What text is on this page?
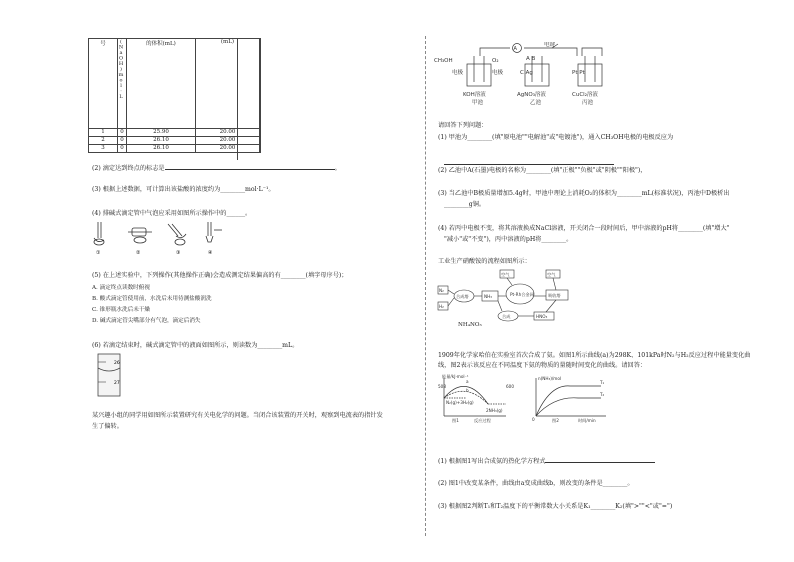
号	(NaOH)mol·L	的体积(mL)	(mL)	
1	0	25.90	20.00	
2	0	26.10	20.00	
3	0	26.10	20.00	
(2) 滴定达到终点的标志是	。
(3) 根据上述数据，可计算出该盐酸的浓度约为________mol·L⁻¹。
(4) 排碱式滴定管中气泡应采用如图所示操作中的______。
①	②	③	④
(5) 在上述实验中，下列操作(其他操作正确)会造成测定结果偏高的有________(填字母序号)；
A. 滴定终点读数时俯视
B. 酸式滴定管使用前，水洗后未用待测盐酸润洗
C. 锥形瓶水洗后未干燥
D. 碱式滴定管尖嘴部分有气泡，滴定后消失
(6) 若滴定结束时，碱式滴定管中的液面如图所示，则读数为________mL。
26
27
某兴趣小组的同学用如图所示装置研究有关电化学的问题。当闭合该装置的开关时，观察到电流表的指针发
生了偏转。
A
电键
CH₃OH	O₂
电极	电极
A B
C Ag	Pt Pt
KOH溶液	AgNO₃溶液	CuCl₂溶液
甲池	乙池	丙池
请回答下列问题：
(1) 甲池为________(填"原电池""电解池"或"电镀池")，通入CH₃OH电极的电极反应为
(2) 乙池中A(石墨)电极的名称为________(填"正极""负极"或"阴极""阳极")，
(3) 当乙池中B极质量增加5.4g时，甲池中理论上消耗O₂的体积为________mL(标准状况)，丙池中D极析出
________g铜。
(4) 若丙中电极不变，将其溶液换成NaCl溶液，开关闭合一段时间后，甲中溶液的pH将________(填"增大"
"减小"或"不变")，丙中溶液的pH将________。
工业生产硝酸铵的流程如图所示：
N₂
H₂
合成塔	NH₃	Pt-Rh合金网	吸收塔
空气	空气
合成	HNO₃
NH₄NO₃
1909年化学家哈伯在实验室首次合成了氨。如图1所示曲线(a)为298K、101kPa时N₂与H₂反应过程中能量变化曲
线，图2表示该反应在不同温度下氨的物质的量随时间变化的曲线。请回答：
能量/kJ·mol⁻¹
508	600
N₂(g)+3H₂(g)
2NH₃(g)
a
b
反应过程
图1
n(NH₃)/mol
T₁
T₂
0	图2	时间/min
(1) 根据图1写出合成氨的热化学方程式
(2) 图1中改变某条件，曲线由a变成曲线b，则改变的条件是________。
(3) 根据图2判断T₁和T₂温度下的平衡常数大小关系是K₁________K₂(填">""<"或"=")
